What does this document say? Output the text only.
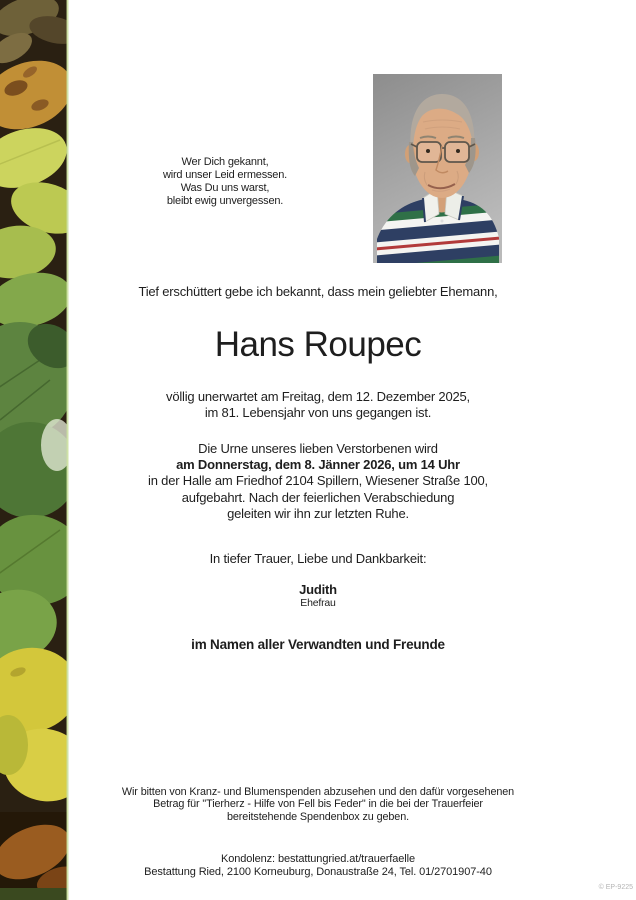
Wer Dich gekannt,
wird unser Leid ermessen.
Was Du uns warst,
bleibt ewig unvergessen.
Tief erschüttert gebe ich bekannt, dass mein geliebter Ehemann,
Hans Roupec
völlig unerwartet am Freitag, dem 12. Dezember 2025,
im 81. Lebensjahr von uns gegangen ist.
Die Urne unseres lieben Verstorbenen wird
am Donnerstag, dem 8. Jänner 2026, um 14 Uhr
in der Halle am Friedhof 2104 Spillern, Wiesener Straße 100,
aufgebahrt. Nach der feierlichen Verabschiedung
geleiten wir ihn zur letzten Ruhe.
In tiefer Trauer, Liebe und Dankbarkeit:
Judith
Ehefrau
im Namen aller Verwandten und Freunde
Wir bitten von Kranz- und Blumenspenden abzusehen und den dafür vorgesehenen
Betrag für "Tierherz - Hilfe von Fell bis Feder" in die bei der Trauerfeier
bereitstehende Spendenbox zu geben.
Kondolenz: bestattungried.at/trauerfaelle
Bestattung Ried, 2100 Korneuburg, Donaustraße 24, Tel. 01/2701907-40
© EP-9225
